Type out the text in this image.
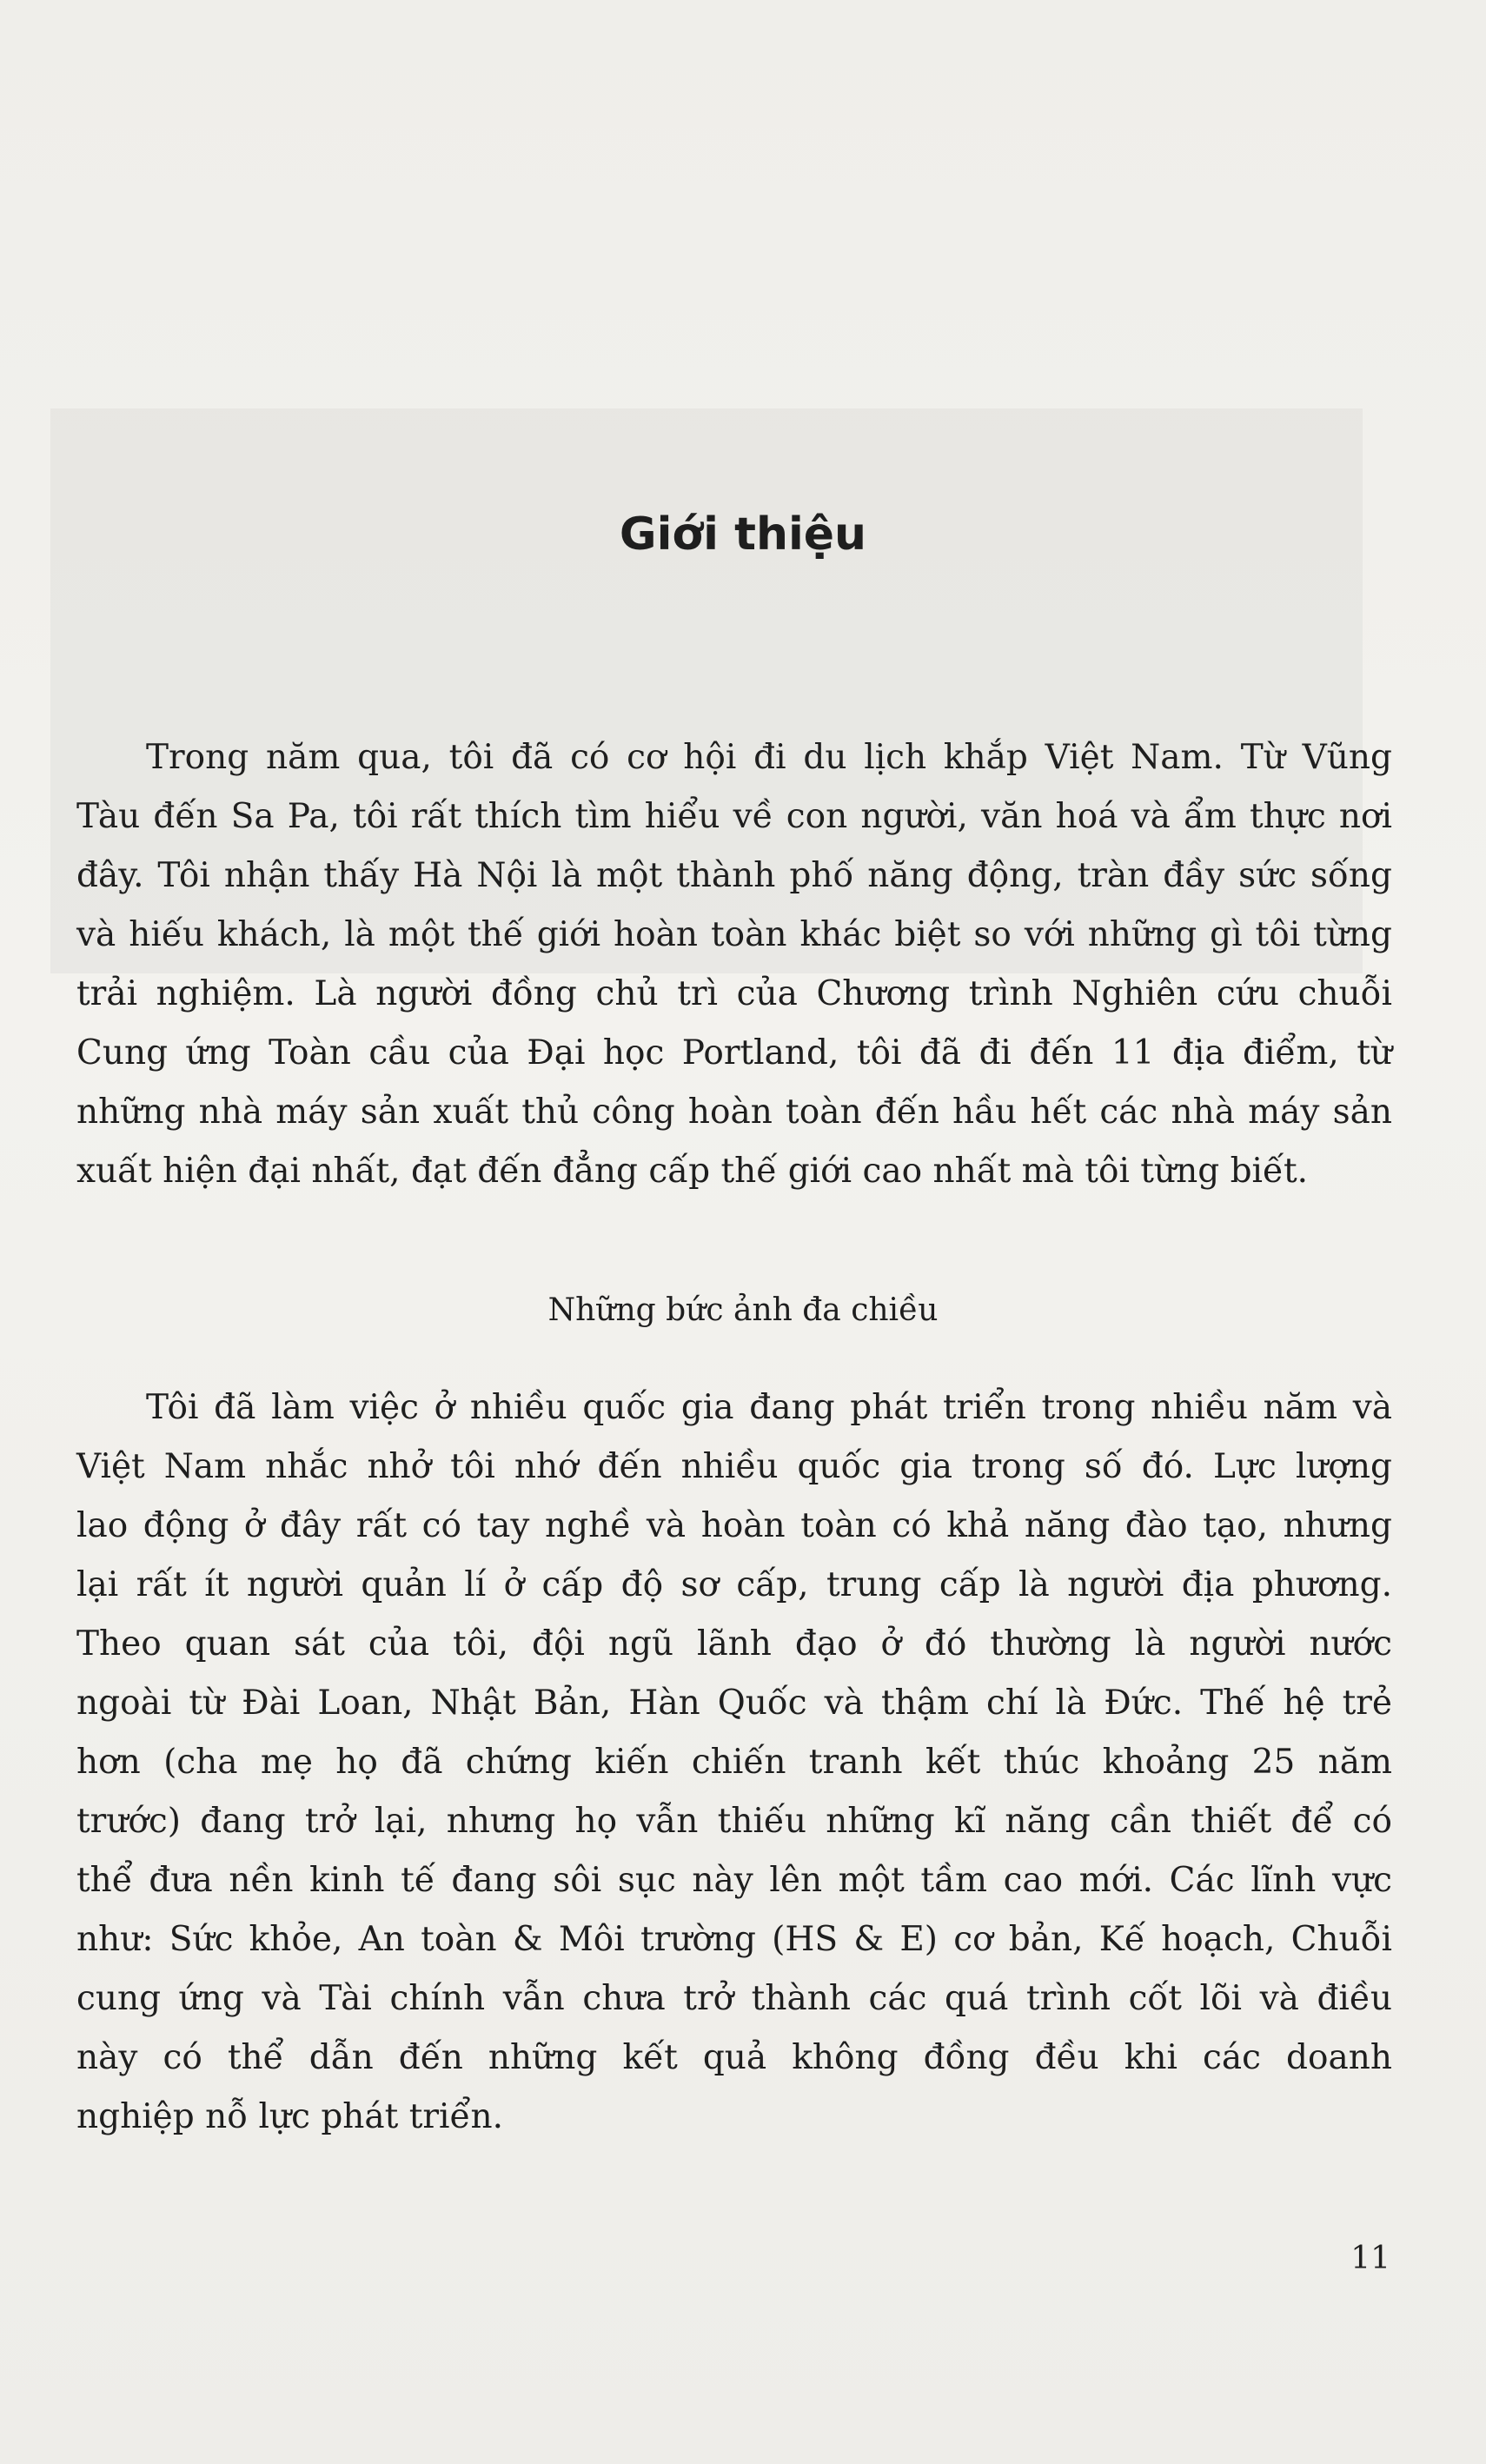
Giới thiệu
Trong năm qua, tôi đã có cơ hội đi du lịch khắp Việt Nam. Từ Vũng
Tàu đến Sa Pa, tôi rất thích tìm hiểu về con người, văn hoá và ẩm thực nơi
đây. Tôi nhận thấy Hà Nội là một thành phố năng động, tràn đầy sức sống
và hiếu khách, là một thế giới hoàn toàn khác biệt so với những gì tôi từng
trải nghiệm. Là người đồng chủ trì của Chương trình Nghiên cứu chuỗi
Cung ứng Toàn cầu của Đại học Portland, tôi đã đi đến 11 địa điểm, từ
những nhà máy sản xuất thủ công hoàn toàn đến hầu hết các nhà máy sản
xuất hiện đại nhất, đạt đến đẳng cấp thế giới cao nhất mà tôi từng biết.
Những bức ảnh đa chiều
Tôi đã làm việc ở nhiều quốc gia đang phát triển trong nhiều năm và
Việt Nam nhắc nhở tôi nhớ đến nhiều quốc gia trong số đó. Lực lượng
lao động ở đây rất có tay nghề và hoàn toàn có khả năng đào tạo, nhưng
lại rất ít người quản lí ở cấp độ sơ cấp, trung cấp là người địa phương.
Theo quan sát của tôi, đội ngũ lãnh đạo ở đó thường là người nước
ngoài từ Đài Loan, Nhật Bản, Hàn Quốc và thậm chí là Đức. Thế hệ trẻ
hơn (cha mẹ họ đã chứng kiến chiến tranh kết thúc khoảng 25 năm
trước) đang trở lại, nhưng họ vẫn thiếu những kĩ năng cần thiết để có
thể đưa nền kinh tế đang sôi sục này lên một tầm cao mới. Các lĩnh vực
như: Sức khỏe, An toàn & Môi trường (HS & E) cơ bản, Kế hoạch, Chuỗi
cung ứng và Tài chính vẫn chưa trở thành các quá trình cốt lõi và điều
này có thể dẫn đến những kết quả không đồng đều khi các doanh
nghiệp nỗ lực phát triển.

11
